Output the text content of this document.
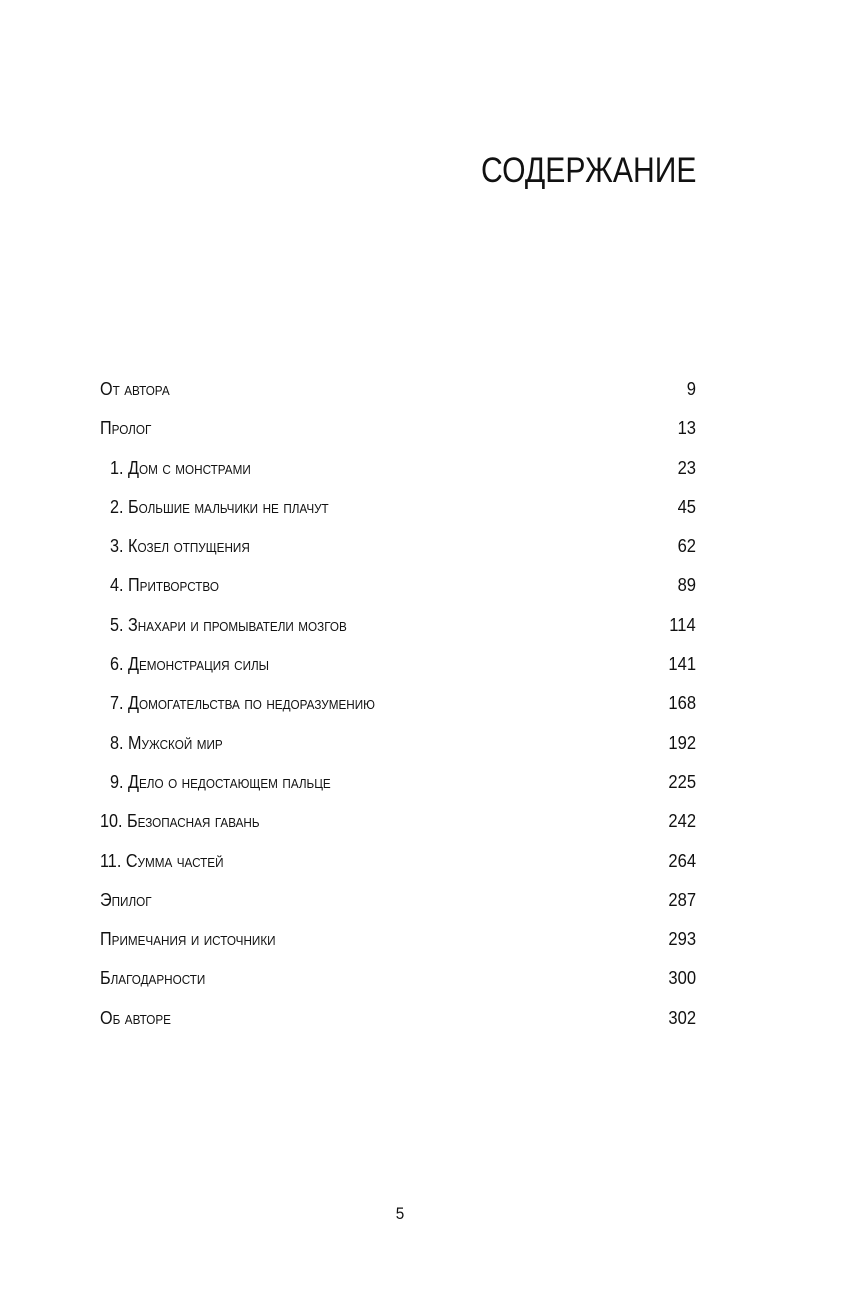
СОДЕРЖАНИЕ
От автора .....	9
Пролог .....	13
1. Дом с монстрами .....	23
2. Большие мальчики не плачут .....	45
3. Козел отпущения .....	62
4. Притворство .....	89
5. Знахари и промыватели мозгов .....	114
6. Демонстрация силы .....	141
7. Домогательства по недоразумению .....	168
8. Мужской мир .....	192
9. Дело о недостающем пальце .....	225
10. Безопасная гавань .....	242
11. Сумма частей .....	264
Эпилог .....	287
Примечания и источники .....	293
Благодарности .....	300
Об авторе .....	302
5
